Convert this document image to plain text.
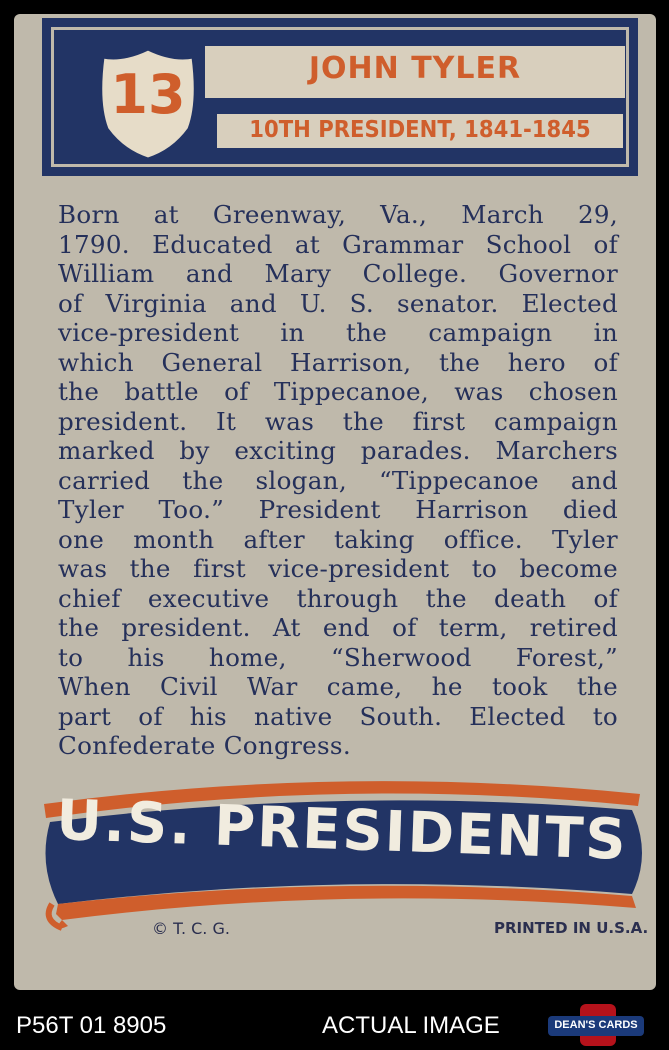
13	JOHN TYLER
10TH PRESIDENT, 1841-1845
Born at Greenway, Va., March 29,
1790. Educated at Grammar School of
William and Mary College. Governor
of Virginia and U. S. senator. Elected
vice-president in the campaign in
which General Harrison, the hero of
the battle of Tippecanoe, was chosen
president. It was the first campaign
marked by exciting parades. Marchers
carried the slogan, “Tippecanoe and
Tyler Too.” President Harrison died
one month after taking office. Tyler
was the first vice-president to become
chief executive through the death of
the president. At end of term, retired
to his home, “Sherwood Forest,”
When Civil War came, he took the
part of his native South. Elected to
Confederate Congress.
U.S. PRESIDENTS
© T. C. G.	PRINTED IN U.S.A.
P56T 01 8905	ACTUAL IMAGE	DEAN'S CARDS
